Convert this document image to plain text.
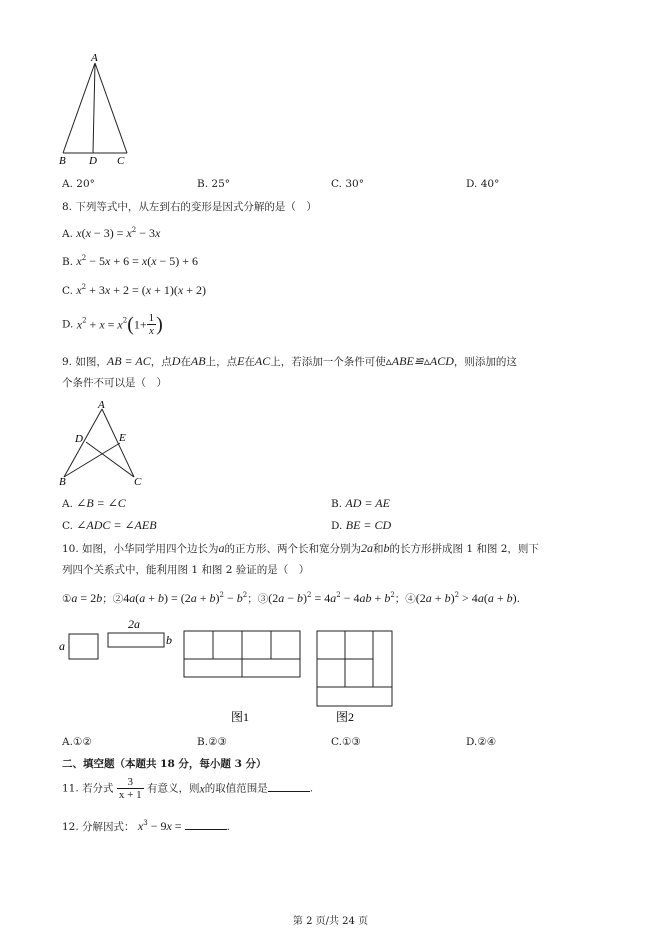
A
B D C
A. 20°	B. 25°	C. 30°	D. 40°
8. 下列等式中，从左到右的变形是因式分解的是（　）
A. $x(x - 3) = x^2 - 3x$
B. $x^2 - 5x + 6 = x(x - 5) + 6$
C. $x^2 + 3x + 2 = (x + 1)(x + 2)$
D. $x^2 + x = x^2(1+ \frac{1}{x}$ )
9. 如图，AB = AC，点D在AB上，点E在AC上，若添加一个条件可使▵ABE≌▵ACD，则添加的这
个条件不可以是（　）
A
D	E
B	C
A. ∠B = ∠C	B. AD = AE
C. ∠ADC = ∠AEB	D. BE = CD
10. 如图，小华同学用四个边长为a的正方形、两个长和宽分别为2a和b的长方形拼成图 1 和图 2，则下
列四个关系式中，能利用图 1 和图 2 验证的是（　）
①a = 2b；②4a(a + $b) = (2a + b)^2 - b^2$；③(2a − $b)^2 = 4a^2 - 4ab + b^2$；④(2a + b)$^2$ > 4a(a + b).
a
2a
b
图1	图2
A.①②	B.②③	C.①③	D.②④
二、填空题（本题共 18 分，每小题 3 分）
11. 若分式 $\frac{3}{x + 1}$ 有意义，则x的取值范围是	.
12. 分解因式： $x^3 - 9x$ =	.
第 2 页/共 24 页
